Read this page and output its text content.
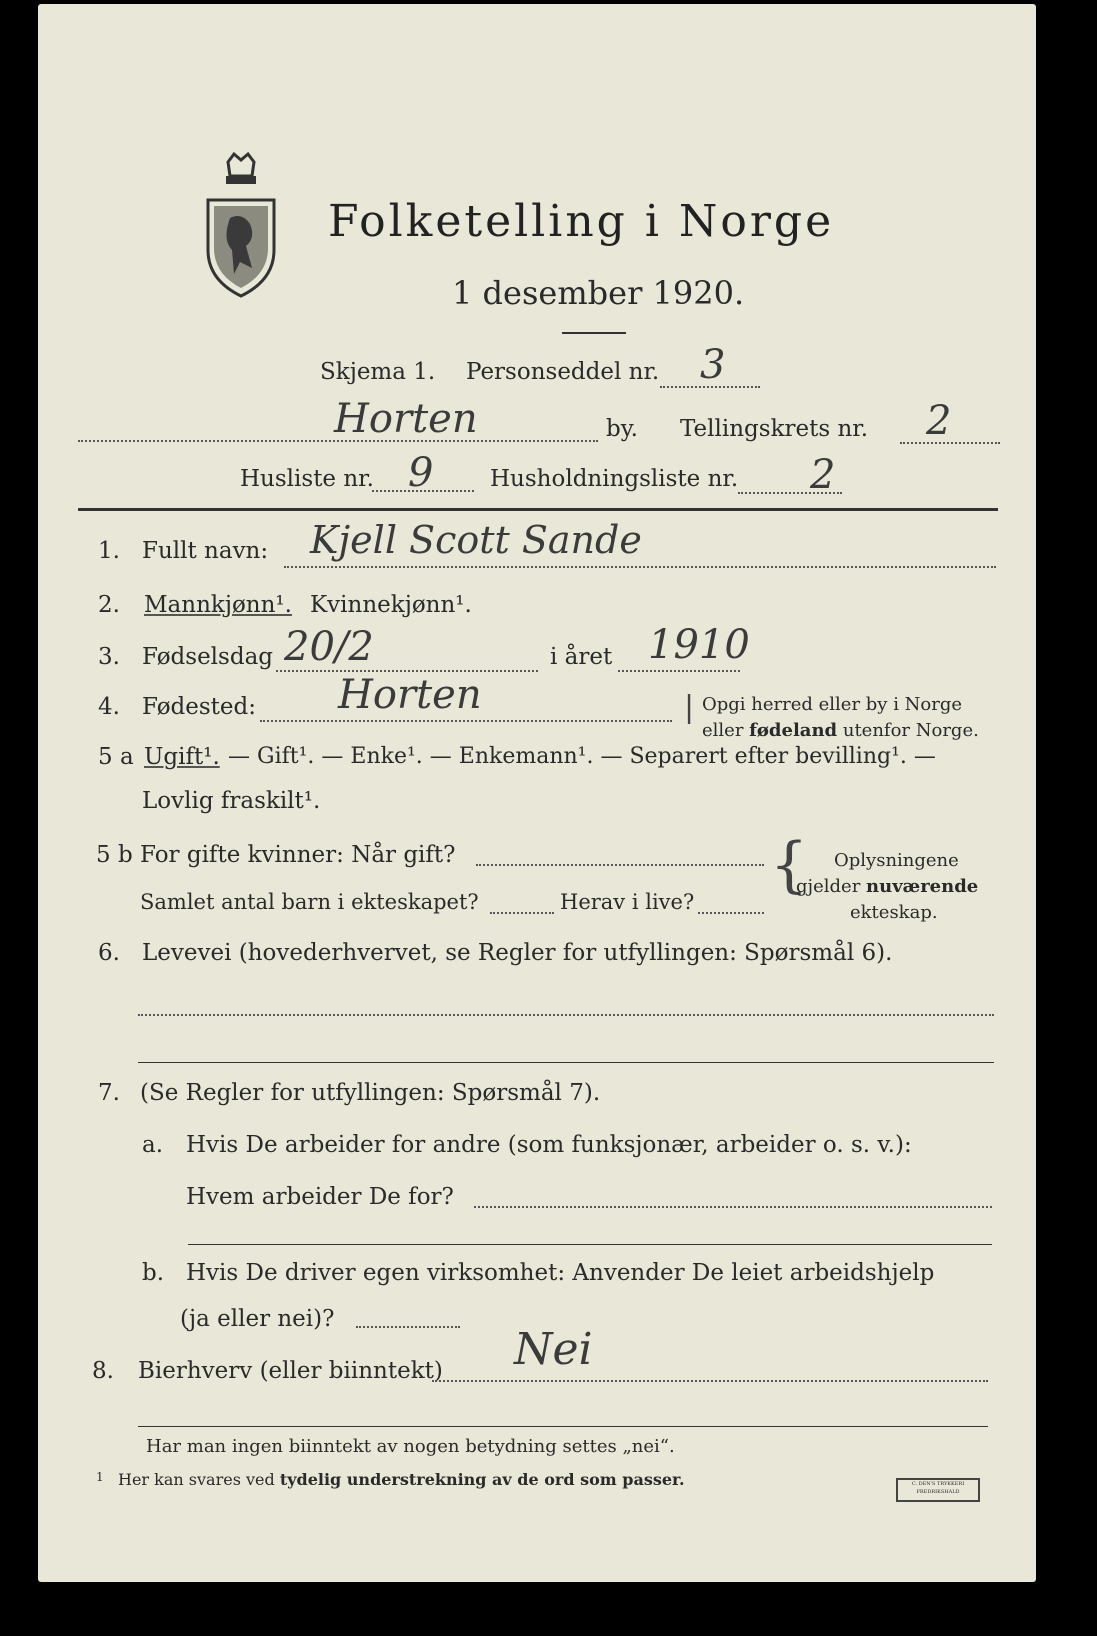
Folketelling i Norge
1 desember 1920.
Skjema 1. Personseddel nr. 3
Horten	by. Tellingskrets nr. 2
Husliste nr. 9 Husholdningsliste nr. 2
1. Fullt navn: Kjell Scott Sande
2. Mannkjønn¹. Kvinnekjønn¹.
3. Fødselsdag 20/2	i året 1910
4. Fødested: Horten	| Opgi herred eller by i Norge
eller fødeland utenfor Norge.
5 a Ugift¹. — Gift¹. — Enke¹. — Enkemann¹. — Separert efter bevilling¹. —
Lovlig fraskilt¹.
5 b For gifte kvinner: Når gift?
Samlet antal barn i ekteskapet?	Herav i live?
{ Oplysningene
gjelder nuværende
ekteskap.
6. Levevei (hovederhvervet, se Regler for utfyllingen: Spørsmål 6).
7. (Se Regler for utfyllingen: Spørsmål 7).
a. Hvis De arbeider for andre (som funksjonær, arbeider o. s. v.):
Hvem arbeider De for?
b. Hvis De driver egen virksomhet: Anvender De leiet arbeidshjelp
(ja eller nei)?
8. Bierhverv (eller biinntekt) Nei
Har man ingen biinntekt av nogen betydning settes „nei“.
1 Her kan svares ved tydelig understrekning av de ord som passer.	C. DEN'S TRYKKERI FREDRIKSHALD
